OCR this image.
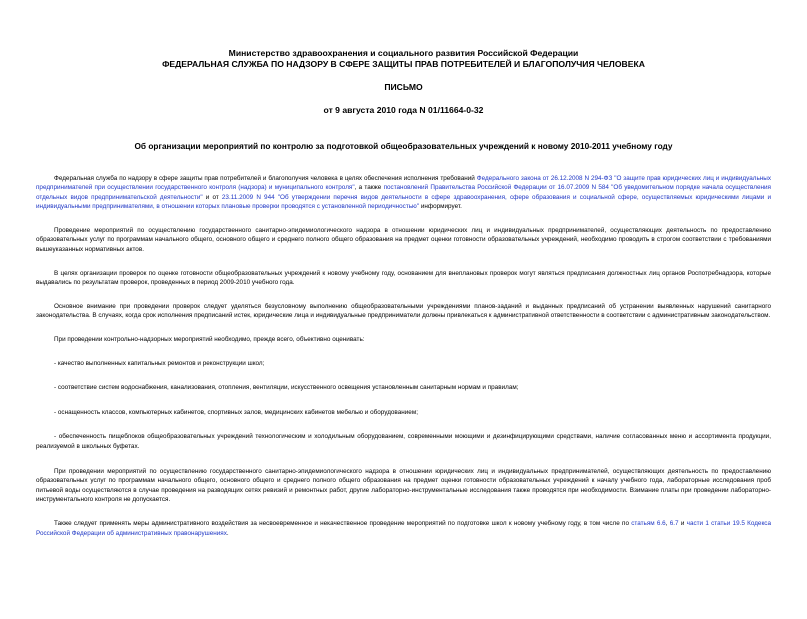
Министерство здравоохранения и социального развития Российской Федерации
ФЕДЕРАЛЬНАЯ СЛУЖБА ПО НАДЗОРУ В СФЕРЕ ЗАЩИТЫ ПРАВ ПОТРЕБИТЕЛЕЙ И БЛАГОПОЛУЧИЯ ЧЕЛОВЕКА
ПИСЬМО
от 9 августа 2010 года N 01/11664-0-32
Об организации мероприятий по контролю за подготовкой общеобразовательных учреждений к новому 2010-2011 учебному году

Федеральная служба по надзору в сфере защиты прав потребителей и благополучия человека в целях обеспечения исполнения требований Федерального закона от 26.12.2008 N 294-ФЗ "О защите прав юридических лиц и индивидуальных предпринимателей при осуществлении государственного контроля (надзора) и муниципального контроля", а также постановлений Правительства Российской Федерации от 16.07.2009 N 584 "Об уведомительном порядке начала осуществления отдельных видов предпринимательской деятельности" и от 23.11.2009 N 944 "Об утверждении перечня видов деятельности в сфере здравоохранения, сфере образования и социальной сфере, осуществляемых юридическими лицами и индивидуальными предпринимателями, в отношении которых плановые проверки проводятся с установленной периодичностью" информирует.

Проведение мероприятий по осуществлению государственного санитарно-эпидемиологического надзора в отношении юридических лиц и индивидуальных предпринимателей, осуществляющих деятельность по предоставлению образовательных услуг по программам начального общего, основного общего и среднего полного общего образования на предмет оценки готовности образовательных учреждений, необходимо проводить в строгом соответствии с требованиями вышеуказанных нормативных актов.

В целях организации проверок по оценке готовности общеобразовательных учреждений к новому учебному году, основанием для внеплановых проверок могут являться предписания должностных лиц органов Роспотребнадзора, которые выдавались по результатам проверок, проведенных в период 2009-2010 учебного года.

Основное внимание при проведении проверок следует уделяться безусловному выполнению общеобразовательными учреждениями планов-заданий и выданных предписаний об устранении выявленных нарушений санитарного законодательства. В случаях, когда срок исполнения предписаний истек, юридические лица и индивидуальные предприниматели должны привлекаться к административной ответственности в соответствии с административным законодательством.

При проведении контрольно-надзорных мероприятий необходимо, прежде всего, объективно оценивать:

- качество выполненных капитальных ремонтов и реконструкции школ;

- соответствие систем водоснабжения, канализования, отопления, вентиляции, искусственного освещения установленным санитарным нормам и правилам;

- оснащенность классов, компьютерных кабинетов, спортивных залов, медицинских кабинетов мебелью и оборудованием;

- обеспеченность пищеблоков общеобразовательных учреждений технологическим и холодильным оборудованием, современными моющими и дезинфицирующими средствами, наличие согласованных меню и ассортимента продукции, реализуемой в школьных буфетах.

При проведении мероприятий по осуществлению государственного санитарно-эпидемиологического надзора в отношении юридических лиц и индивидуальных предпринимателей, осуществляющих деятельность по предоставлению образовательных услуг по программам начального общего, основного общего и среднего полного общего образования на предмет оценки готовности образовательных учреждений к началу учебного года, лабораторные исследования проб питьевой воды осуществляются в случае проведения на разводящих сетях ревизий и ремонтных работ, другие лабораторно-инструментальные исследования также проводятся при необходимости. Взимание платы при проведении лабораторно-инструментального контроля не допускается.

Также следует применять меры административного воздействия за несвоевременное и некачественное проведение мероприятий по подготовке школ к новому учебному году, в том числе по статьям 6.6, 6.7 и части 1 статьи 19.5 Кодекса Российской Федерации об административных правонарушениях.
